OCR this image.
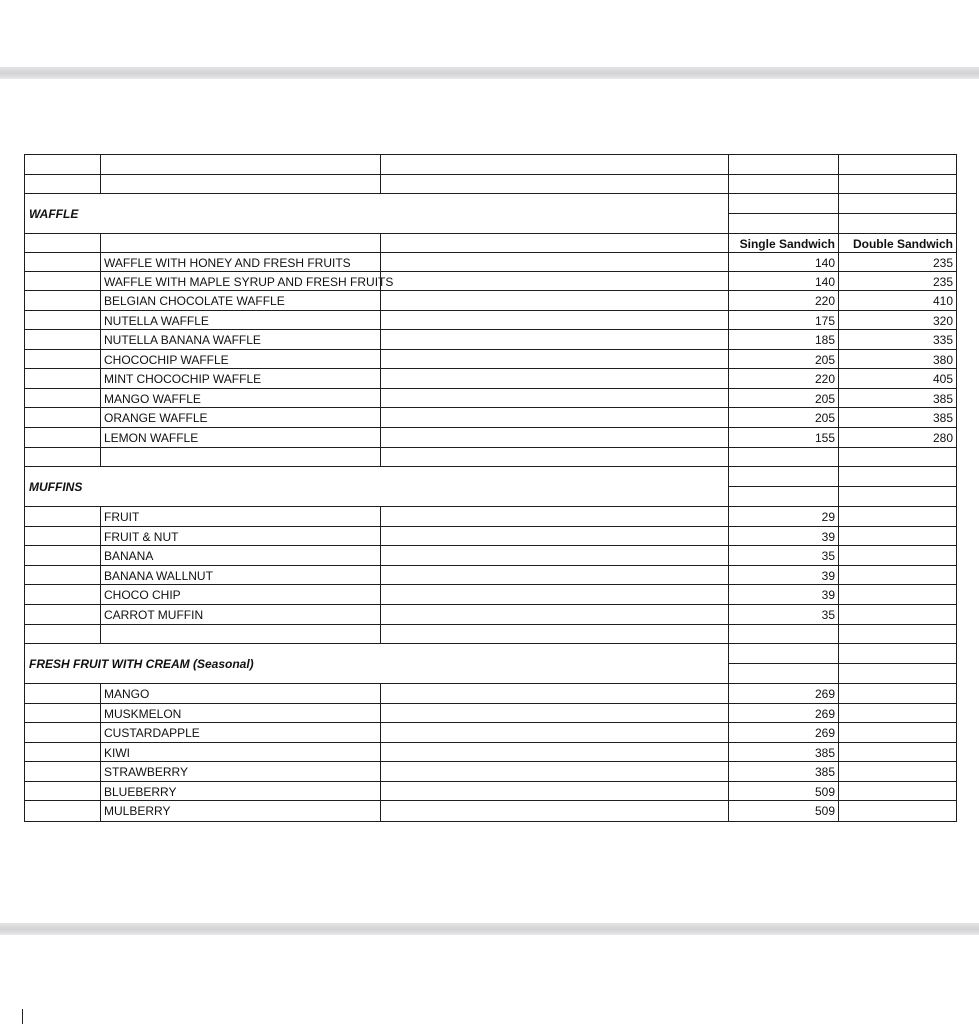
WAFFLE
Single Sandwich	Double Sandwich
WAFFLE WITH HONEY AND FRESH FRUITS	140	235
WAFFLE WITH MAPLE SYRUP AND FRESH FRUITS	140	235
BELGIAN CHOCOLATE WAFFLE	220	410
NUTELLA WAFFLE	175	320
NUTELLA BANANA WAFFLE	185	335
CHOCOCHIP WAFFLE	205	380
MINT CHOCOCHIP WAFFLE	220	405
MANGO WAFFLE	205	385
ORANGE WAFFLE	205	385
LEMON WAFFLE	155	280
MUFFINS
FRUIT	29
FRUIT & NUT	39
BANANA	35
BANANA WALLNUT	39
CHOCO CHIP	39
CARROT MUFFIN	35
FRESH FRUIT WITH CREAM (Seasonal)
MANGO	269
MUSKMELON	269
CUSTARDAPPLE	269
KIWI	385
STRAWBERRY	385
BLUEBERRY	509
MULBERRY	509
